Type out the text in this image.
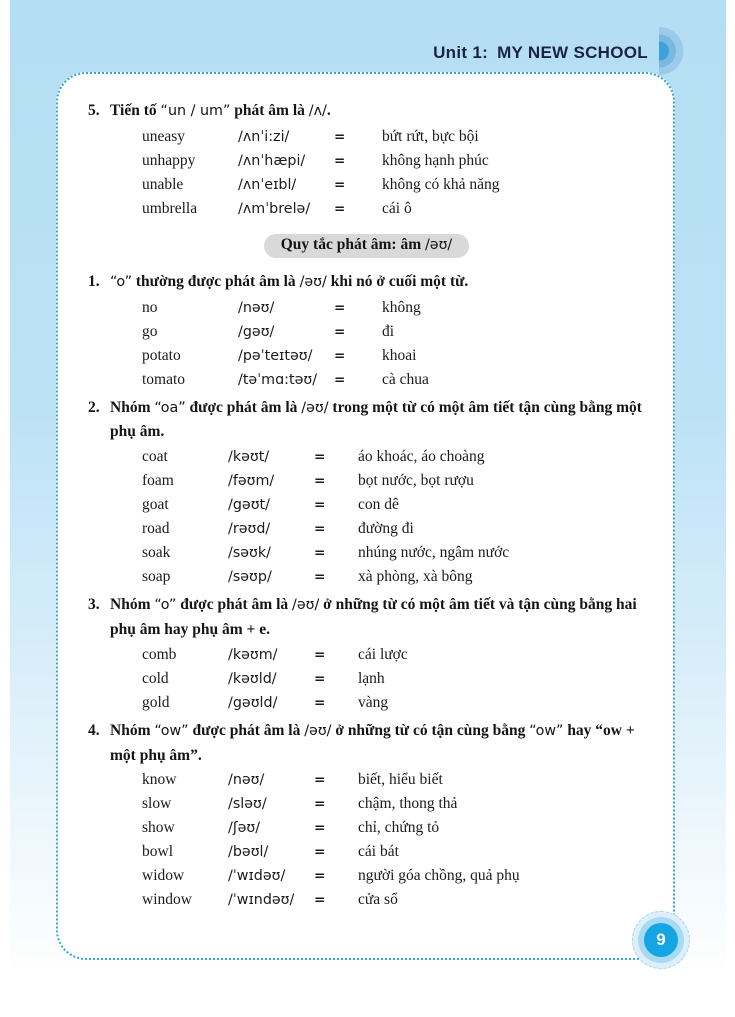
Unit 1: MY NEW SCHOOL
5. Tiến tố “un / um” phát âm là /ʌ/.
uneasy	/ʌnˈi:zi/	=	bứt rứt, bực bội
unhappy	/ʌnˈhæpi/	=	không hạnh phúc
unable	/ʌnˈeɪbl/	=	không có khả năng
umbrella	/ʌmˈbrelə/	=	cái ô
Quy tắc phát âm: âm /əʊ/
1. “o” thường được phát âm là /əʊ/ khi nó ở cuối một từ.
no	/nəʊ/	=	không
go	/gəʊ/	=	đi
potato	/pəˈteɪtəʊ/	=	khoai
tomato	/təˈmɑ:təʊ/	=	cà chua
2. Nhóm “oa” được phát âm là /əʊ/ trong một từ có một âm tiết tận cùng bằng một phụ âm.
coat	/kəʊt/	=	áo khoác, áo choàng
foam	/fəʊm/	=	bọt nước, bọt rượu
goat	/gəʊt/	=	con dê
road	/rəʊd/	=	đường đi
soak	/səʊk/	=	nhúng nước, ngâm nước
soap	/səʊp/	=	xà phòng, xà bông
3. Nhóm “o” được phát âm là /əʊ/ ở những từ có một âm tiết và tận cùng bằng hai phụ âm hay phụ âm + e.
comb	/kəʊm/	=	cái lược
cold	/kəʊld/	=	lạnh
gold	/gəʊld/	=	vàng
4. Nhóm “ow” được phát âm là /əʊ/ ở những từ có tận cùng bằng “ow” hay “ow + một phụ âm”.
know	/nəʊ/	=	biết, hiểu biết
slow	/sləʊ/	=	chậm, thong thả
show	/ʃəʊ/	=	chỉ, chứng tỏ
bowl	/bəʊl/	=	cái bát
widow	/ˈwɪdəʊ/	=	người góa chồng, quả phụ
window	/ˈwɪndəʊ/	=	cửa sổ
9
